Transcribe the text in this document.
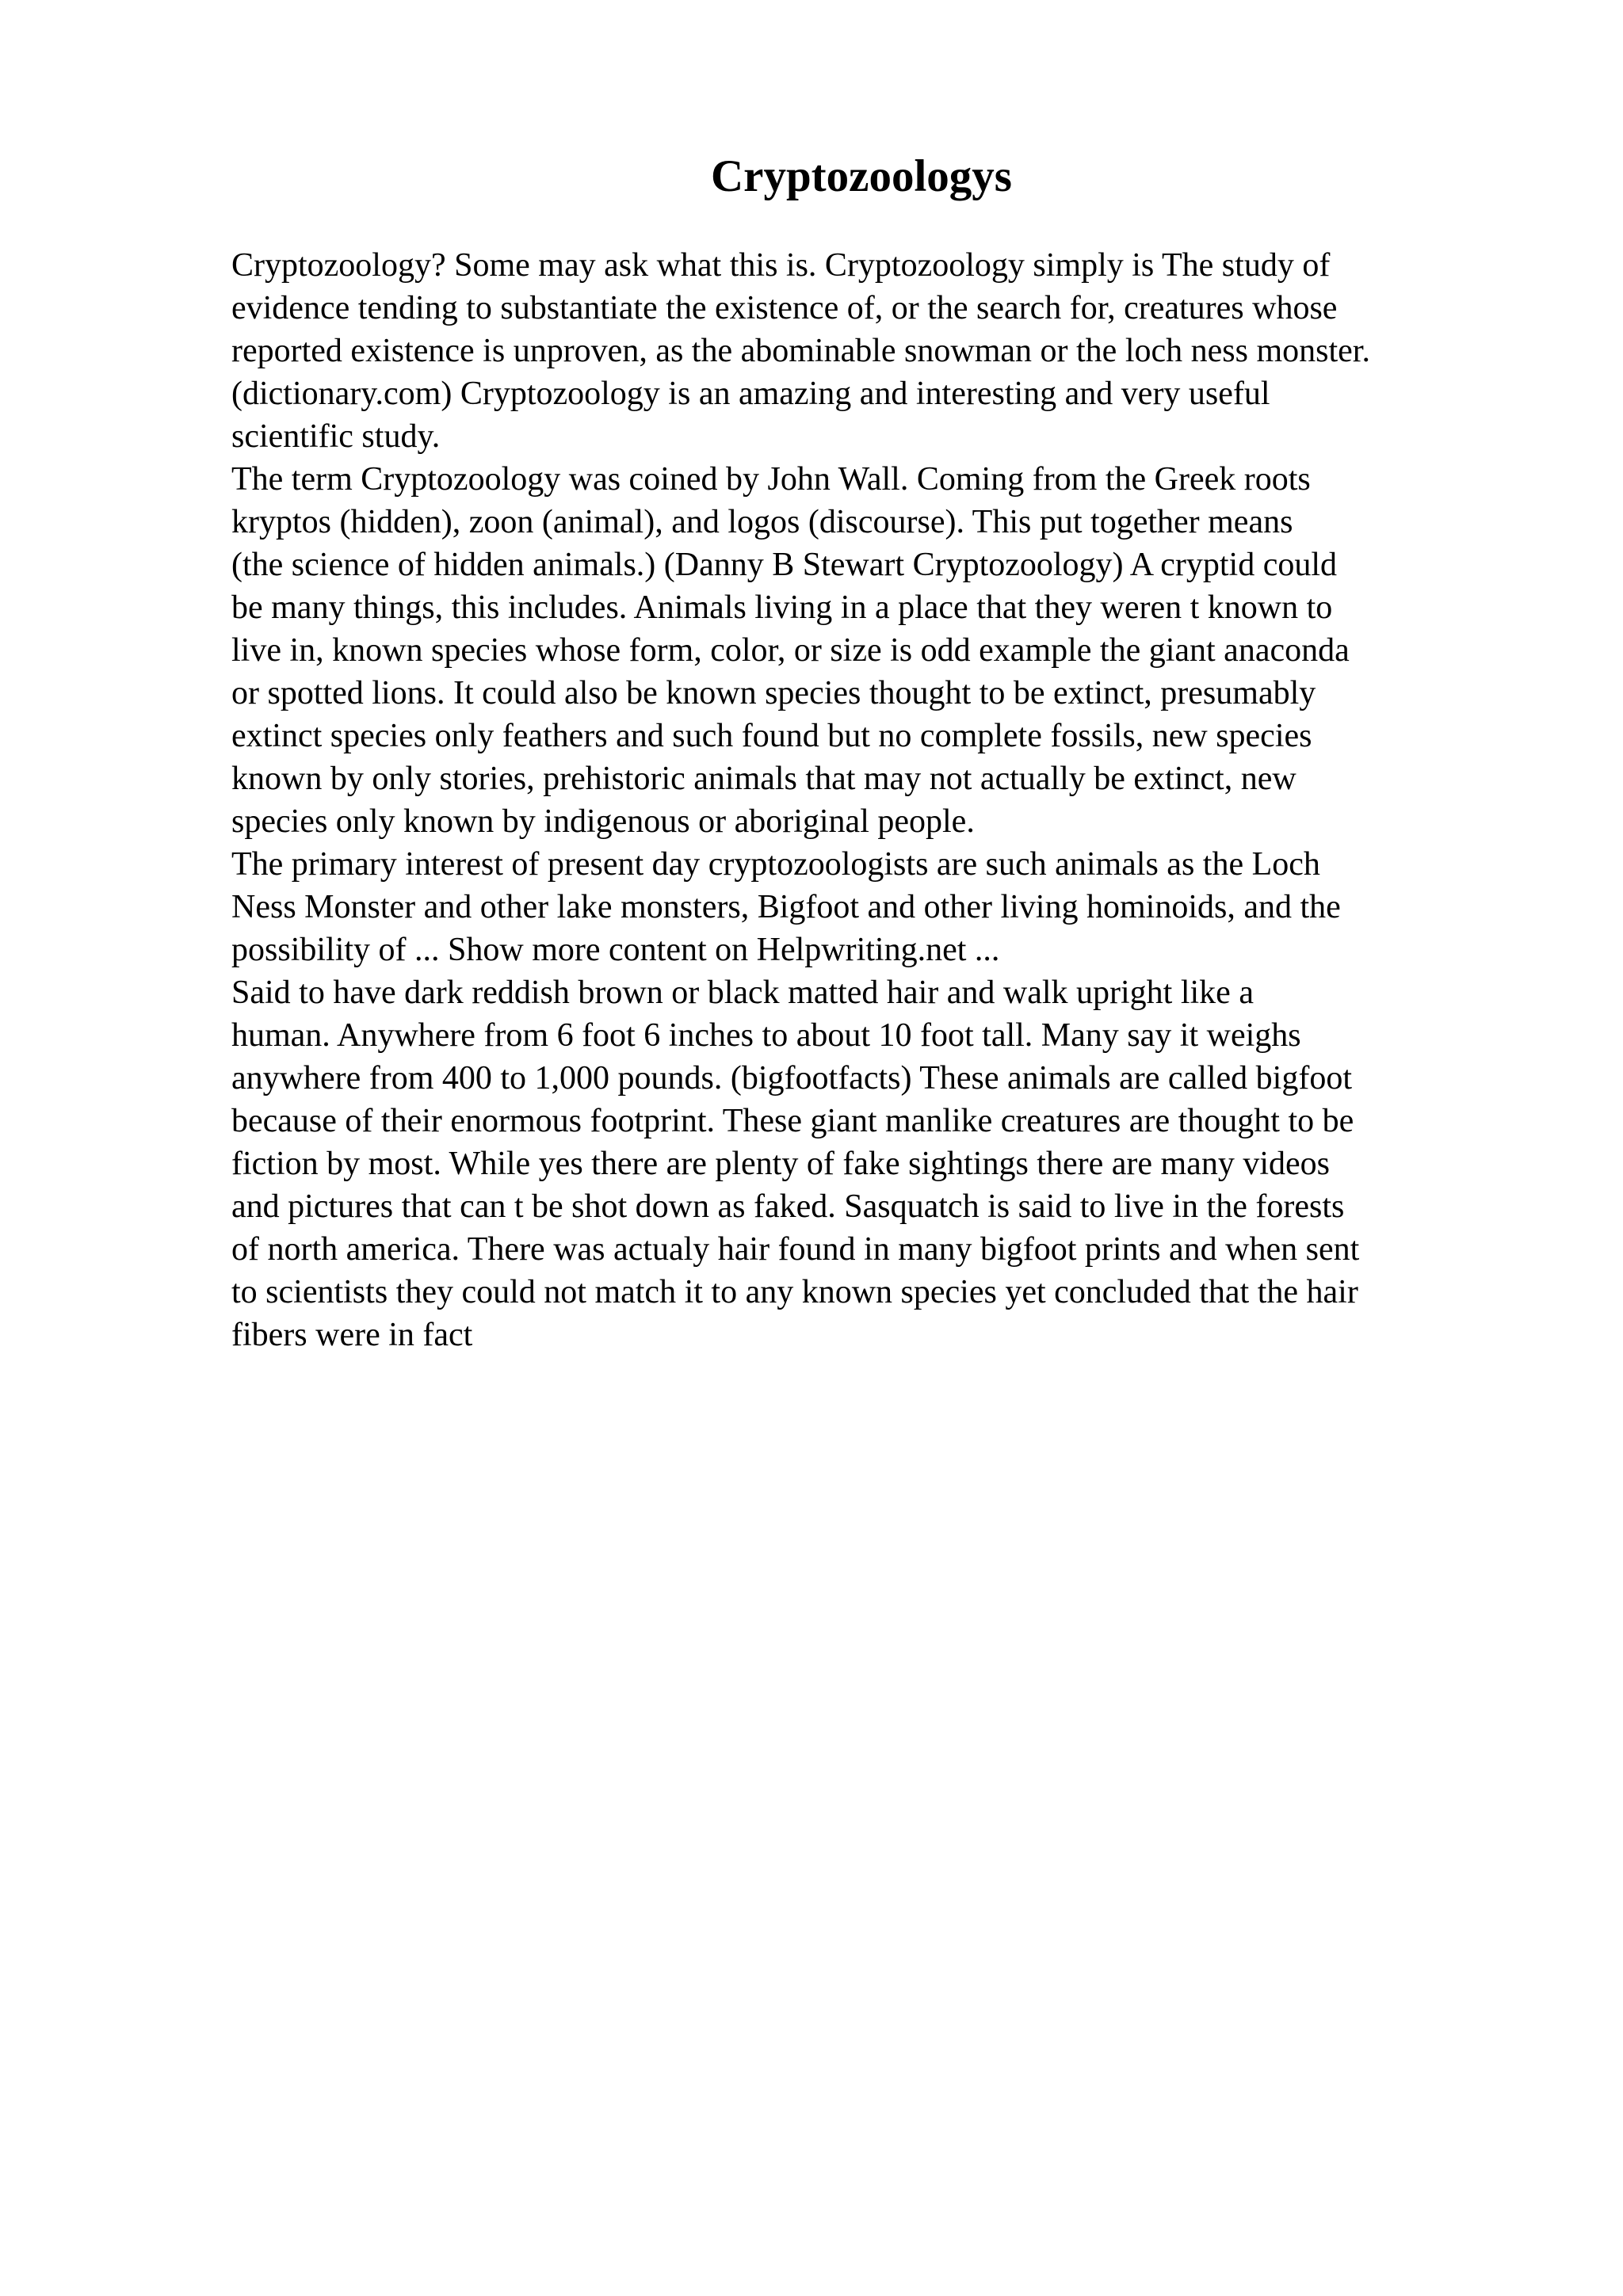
Cryptozoologys
Cryptozoology? Some may ask what this is. Cryptozoology simply is The study of
evidence tending to substantiate the existence of, or the search for, creatures whose
reported existence is unproven, as the abominable snowman or the loch ness monster.
(dictionary.com) Cryptozoology is an amazing and interesting and very useful
scientific study.
The term Cryptozoology was coined by John Wall. Coming from the Greek roots
kryptos (hidden), zoon (animal), and logos (discourse). This put together means
(the science of hidden animals.) (Danny B Stewart Cryptozoology) A cryptid could
be many things, this includes. Animals living in a place that they weren t known to
live in, known species whose form, color, or size is odd example the giant anaconda
or spotted lions. It could also be known species thought to be extinct, presumably
extinct species only feathers and such found but no complete fossils, new species
known by only stories, prehistoric animals that may not actually be extinct, new
species only known by indigenous or aboriginal people.
The primary interest of present day cryptozoologists are such animals as the Loch
Ness Monster and other lake monsters, Bigfoot and other living hominoids, and the
possibility of ... Show more content on Helpwriting.net ...
Said to have dark reddish brown or black matted hair and walk upright like a
human. Anywhere from 6 foot 6 inches to about 10 foot tall. Many say it weighs
anywhere from 400 to 1,000 pounds. (bigfootfacts) These animals are called bigfoot
because of their enormous footprint. These giant manlike creatures are thought to be
fiction by most. While yes there are plenty of fake sightings there are many videos
and pictures that can t be shot down as faked. Sasquatch is said to live in the forests
of north america. There was actualy hair found in many bigfoot prints and when sent
to scientists they could not match it to any known species yet concluded that the hair
fibers were in fact
